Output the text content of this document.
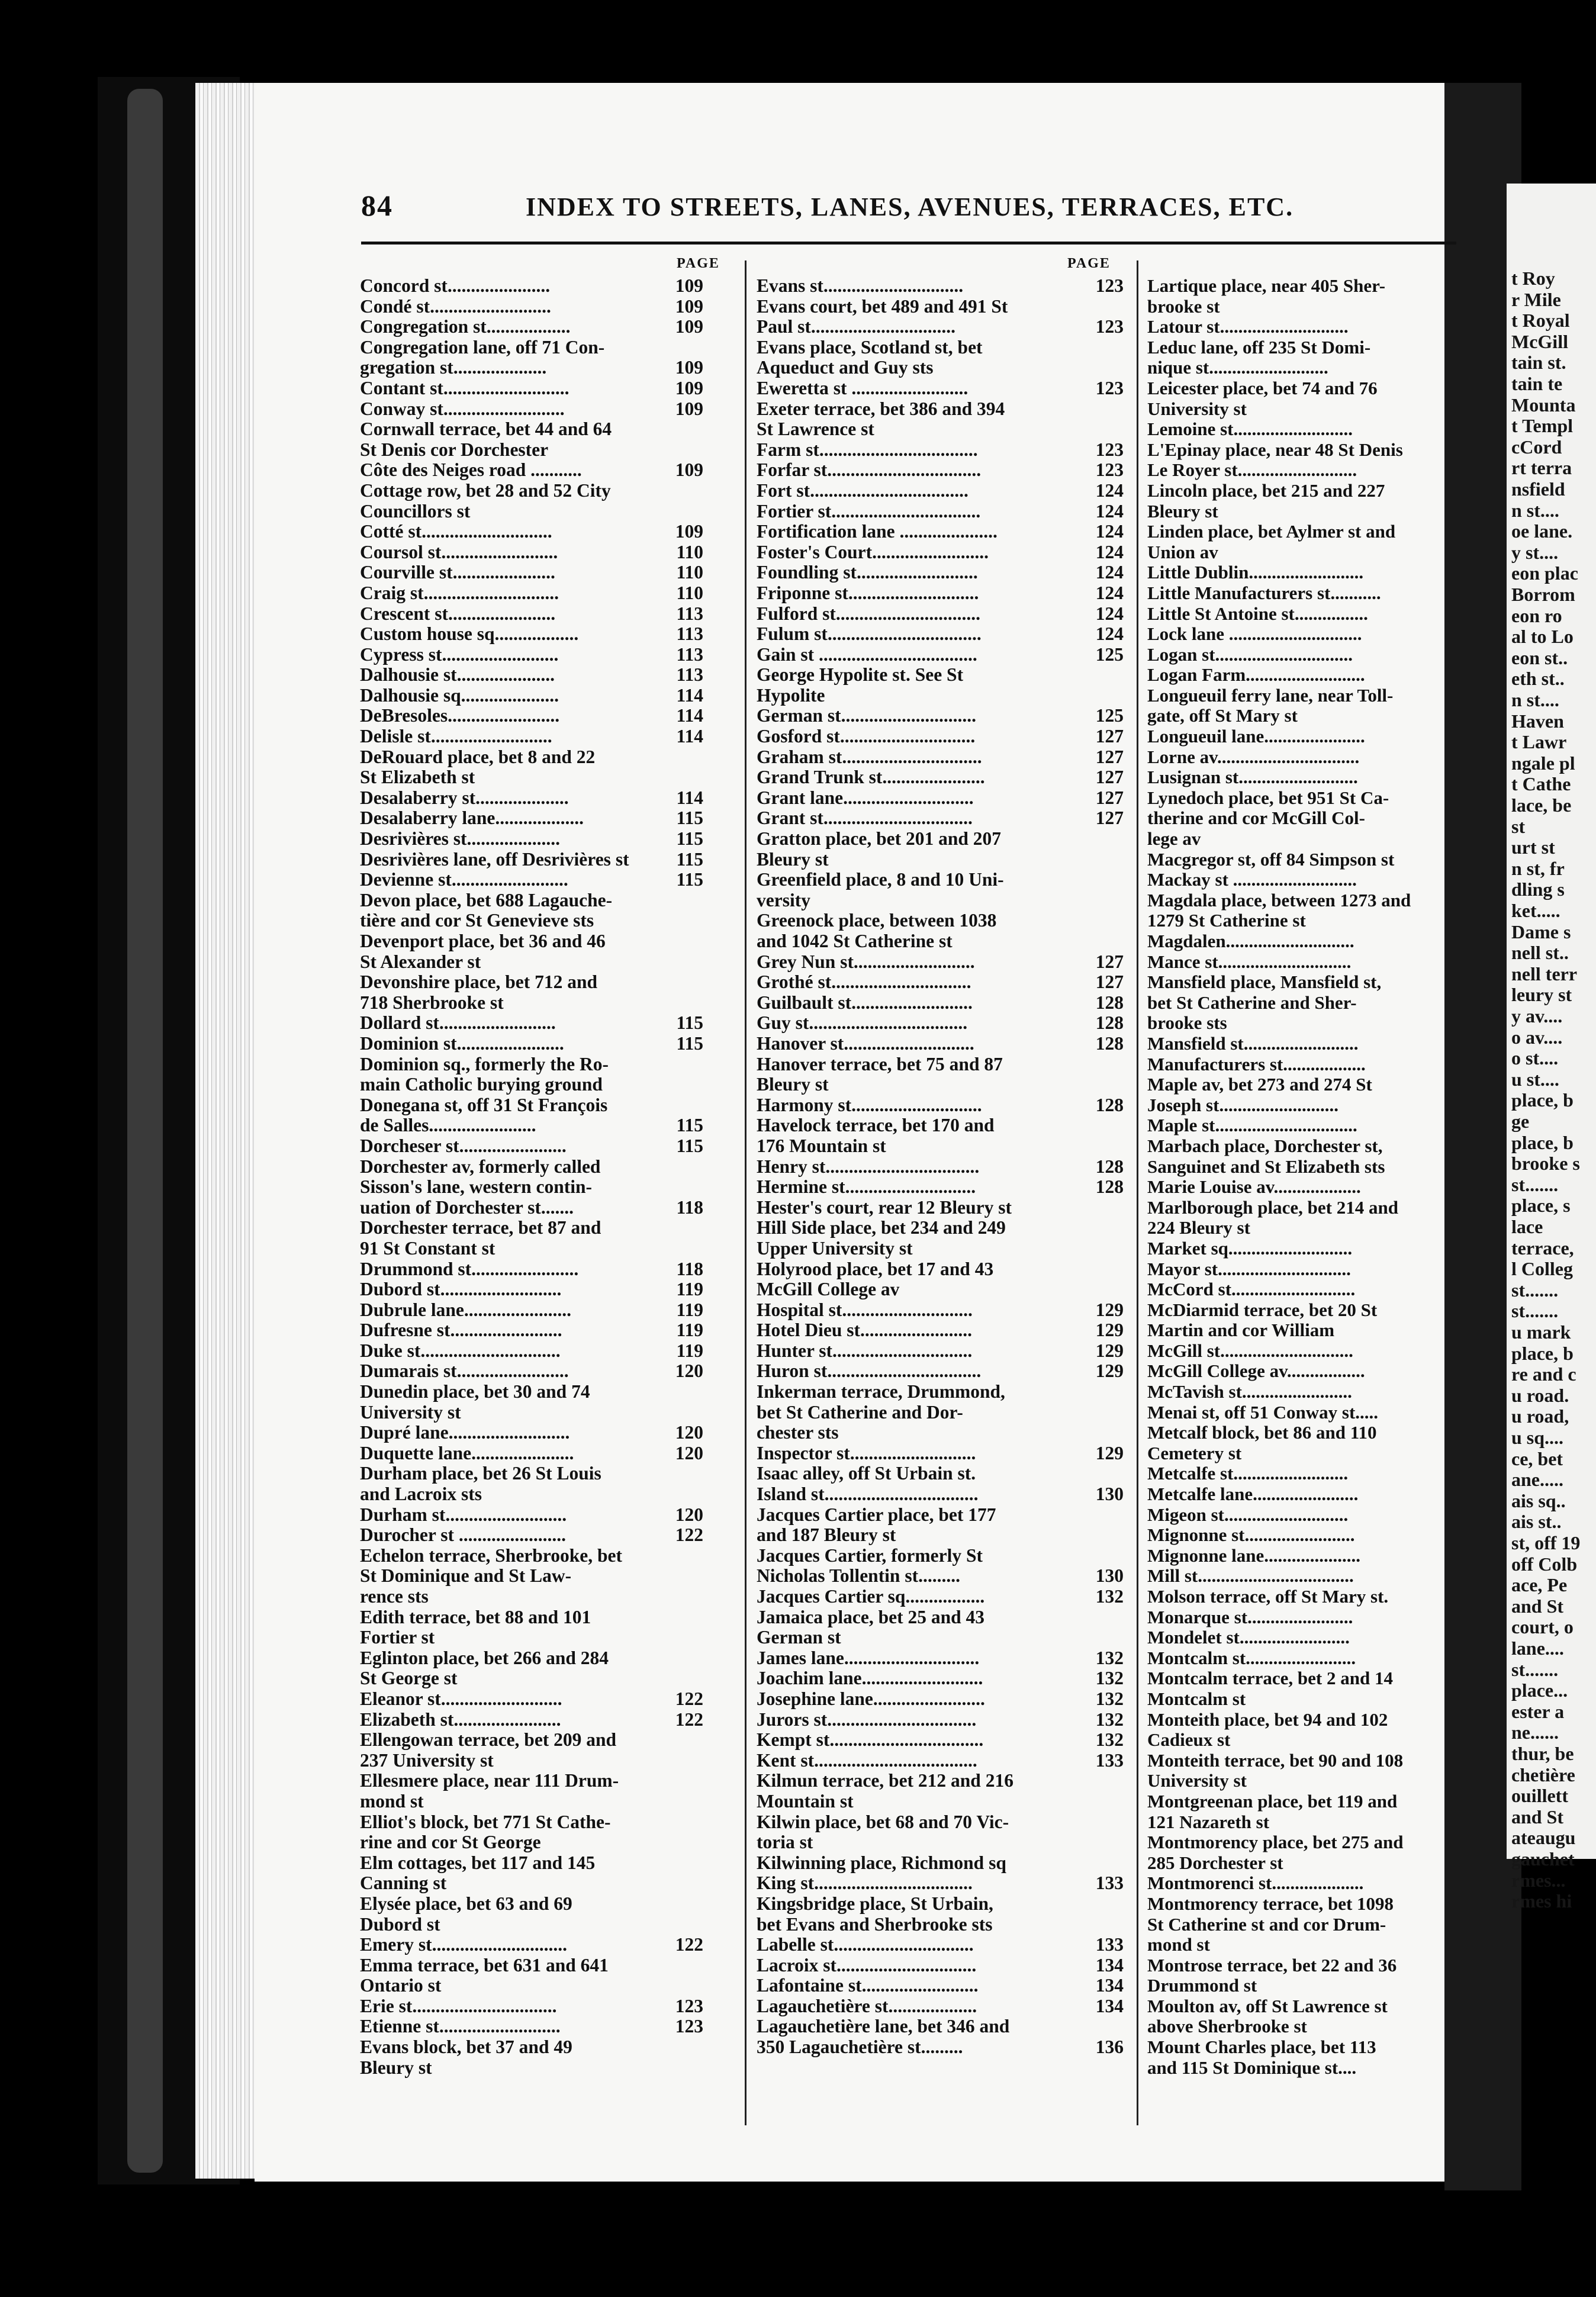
t Roy
r Mile
t Royal
McGill
tain st.
tain te
Mounta
t Templ
cCord
rt terra
nsfield
n st....
oe lane.
y st....
eon plac
Borrom
eon ro
al to Lo
eon st..
eth st..
n st....
Haven
t Lawr
ngale pl
t Cathe
lace, be
st
urt st
n st, fr
dling s
ket.....
Dame s
nell st..
nell terr
leury st
y av....
o av....
o st....
u st....
place, b
ge
place, b
brooke s
st.......
place, s
lace
terrace,
l Colleg
st.......
st.......
u mark
place, b
re and c
u road.
u road,
u sq....
ce, bet
ane.....
ais sq..
ais st..
st, off 19
off Colb
ace, Pe
and St
court, o
lane....
st.......
place...
ester a
ne......
thur, be
chetière
ouillett
and St
ateaugu
gauchet
rmes...
rmes hi
84	INDEX TO STREETS, LANES, AVENUES, TERRACES, ETC.
PAGE	PAGE
Concord st......................	109
Condé st..........................	109
Congregation st..................	109
Congregation lane, off 71 Con-
gregation st....................	109
Contant st...........................	109
Conway st..........................	109
Cornwall terrace, bet 44 and 64
St Denis cor Dorchester
Côte des Neiges road ...........	109
Cottage row, bet 28 and 52 City
Councillors st
Cotté st............................	109
Coursol st.........................	110
Courville st......................	110
Craig st.............................	110
Crescent st.......................	113
Custom house sq..................	113
Cypress st.........................	113
Dalhousie st.....................	113
Dalhousie sq.....................	114
DeBresoles........................	114
Delisle st..........................	114
DeRouard place, bet 8 and 22
St Elizabeth st
Desalaberry st....................	114
Desalaberry lane...................	115
Desrivières st....................	115
Desrivières lane, off Desrivières st	115
Devienne st.........................	115
Devon place, bet 688 Lagauche-
tière and cor St Genevieve sts
Devenport place, bet 36 and 46
St Alexander st
Devonshire place, bet 712 and
718 Sherbrooke st
Dollard st.........................	115
Dominion st.......................	115
Dominion sq., formerly the Ro-
main Catholic burying ground
Donegana st, off 31 St François
de Salles.......................	115
Dorcheser st.......................	115
Dorchester av, formerly called
Sisson's lane, western contin-
uation of Dorchester st.......	118
Dorchester terrace, bet 87 and
91 St Constant st
Drummond st.......................	118
Dubord st..........................	119
Dubrule lane.......................	119
Dufresne st........................	119
Duke st..............................	119
Dumarais st........................	120
Dunedin place, bet 30 and 74
University st
Dupré lane..........................	120
Duquette lane......................	120
Durham place, bet 26 St Louis
and Lacroix sts
Durham st..........................	120
Durocher st .......................	122
Echelon terrace, Sherbrooke, bet
St Dominique and St Law-
rence sts
Edith terrace, bet 88 and 101
Fortier st
Eglinton place, bet 266 and 284
St George st
Eleanor st..........................	122
Elizabeth st.......................	122
Ellengowan terrace, bet 209 and
237 University st
Ellesmere place, near 111 Drum-
mond st
Elliot's block, bet 771 St Cathe-
rine and cor St George
Elm cottages, bet 117 and 145
Canning st
Elysée place, bet 63 and 69
Dubord st
Emery st.............................	122
Emma terrace, bet 631 and 641
Ontario st
Erie st...............................	123
Etienne st..........................	123
Evans block, bet 37 and 49
Bleury st
Evans st..............................	123
Evans court, bet 489 and 491 St
Paul st...............................	123
Evans place, Scotland st, bet
Aqueduct and Guy sts
Ewerettа st .........................	123
Exeter terrace, bet 386 and 394
St Lawrence st
Farm st..................................	123
Forfar st.................................	123
Fort st..................................	124
Fortier st................................	124
Fortification lane .....................	124
Foster's Court.........................	124
Foundling st..........................	124
Friponne st............................	124
Fulford st...............................	124
Fulum st.................................	124
Gain st ..................................	125
George Hypolite st. See St
Hypolite
German st.............................	125
Gosford st.............................	127
Graham st..............................	127
Grand Trunk st......................	127
Grant lane............................	127
Grant st................................	127
Gratton place, bet 201 and 207
Bleury st
Greenfield place, 8 and 10 Uni-
versity
Greenock place, between 1038
and 1042 St Catherine st
Grey Nun st..........................	127
Grothé st..............................	127
Guilbault st..........................	128
Guy st..................................	128
Hanover st............................	128
Hanover terrace, bet 75 and 87
Bleury st
Harmony st............................	128
Havelock terrace, bet 170 and
176 Mountain st
Henry st.................................	128
Hermine st............................	128
Hester's court, rear 12 Bleury st
Hill Side place, bet 234 and 249
Upper University st
Holyrood place, bet 17 and 43
McGill College av
Hospital st............................	129
Hotel Dieu st........................	129
Hunter st..............................	129
Huron st.................................	129
Inkerman terrace, Drummond,
bet St Catherine and Dor-
chester sts
Inspector st...........................	129
Isaac alley, off St Urbain st.
Island st.................................	130
Jacques Cartier place, bet 177
and 187 Bleury st
Jacques Cartier, formerly St
Nicholas Tollentin st.........	130
Jacques Cartier sq.................	132
Jamaica place, bet 25 and 43
German st
James lane.............................	132
Joachim lane..........................	132
Josephine lane........................	132
Jurors st................................	132
Kempt st.................................	132
Kent st...................................	133
Kilmun terrace, bet 212 and 216
Mountain st
Kilwin place, bet 68 and 70 Vic-
toria st
Kilwinning place, Richmond sq
King st..................................	133
Kingsbridge place, St Urbain,
bet Evans and Sherbrooke sts
Labelle st..............................	133
Lacroix st..............................	134
Lafontaine st.........................	134
Lagauchetière st...................	134
Lagauchetière lane, bet 346 and
350 Lagauchetière st.........	136
Lartique place, near 405 Sher-
brooke st
Latour st............................
Leduc lane, off 235 St Domi-
nique st..........................
Leicester place, bet 74 and 76
University st
Lemoine st..........................
L'Epinay place, near 48 St Denis
Le Royer st..........................
Lincoln place, bet 215 and 227
Bleury st
Linden place, bet Aylmer st and
Union av
Little Dublin.........................
Little Manufacturers st...........
Little St Antoine st................
Lock lane .............................
Logan st..............................
Logan Farm..........................
Longueuil ferry lane, near Toll-
gate, off St Mary st
Longueuil lane......................
Lorne av...............................
Lusignan st..........................
Lynedoch place, bet 951 St Ca-
therine and cor McGill Col-
lege av
Macgregor st, off 84 Simpson st
Mackay st ...........................
Magdala place, between 1273 and
1279 St Catherine st
Magdalen............................
Mance st.............................
Mansfield place, Mansfield st,
bet St Catherine and Sher-
brooke sts
Mansfield st.........................
Manufacturers st..................
Maple av, bet 273 and 274 St
Joseph st..........................
Maple st...............................
Marbach place, Dorchester st,
Sanguinet and St Elizabeth sts
Marie Louise av...................
Marlborough place, bet 214 and
224 Bleury st
Market sq...........................
Mayor st.............................
McCord st...........................
McDiarmid terrace, bet 20 St
Martin and cor William
McGill st.............................
McGill College av.................
McTavish st........................
Menai st, off 51 Conway st.....
Metcalf block, bet 86 and 110
Cemetery st
Metcalfe st.........................
Metcalfe lane.......................
Migeon st...........................
Mignonne st........................
Mignonne lane.....................
Mill st..................................
Molson terrace, off St Mary st.
Monarque st.......................
Mondelet st........................
Montcalm st........................
Montcalm terrace, bet 2 and 14
Montcalm st
Monteith place, bet 94 and 102
Cadieux st
Monteith terrace, bet 90 and 108
University st
Montgreenan place, bet 119 and
121 Nazareth st
Montmorency place, bet 275 and
285 Dorchester st
Montmorenci st....................
Montmorency terrace, bet 1098
St Catherine st and cor Drum-
mond st
Montrose terrace, bet 22 and 36
Drummond st
Moulton av, off St Lawrence st
above Sherbrooke st
Mount Charles place, bet 113
and 115 St Dominique st....
